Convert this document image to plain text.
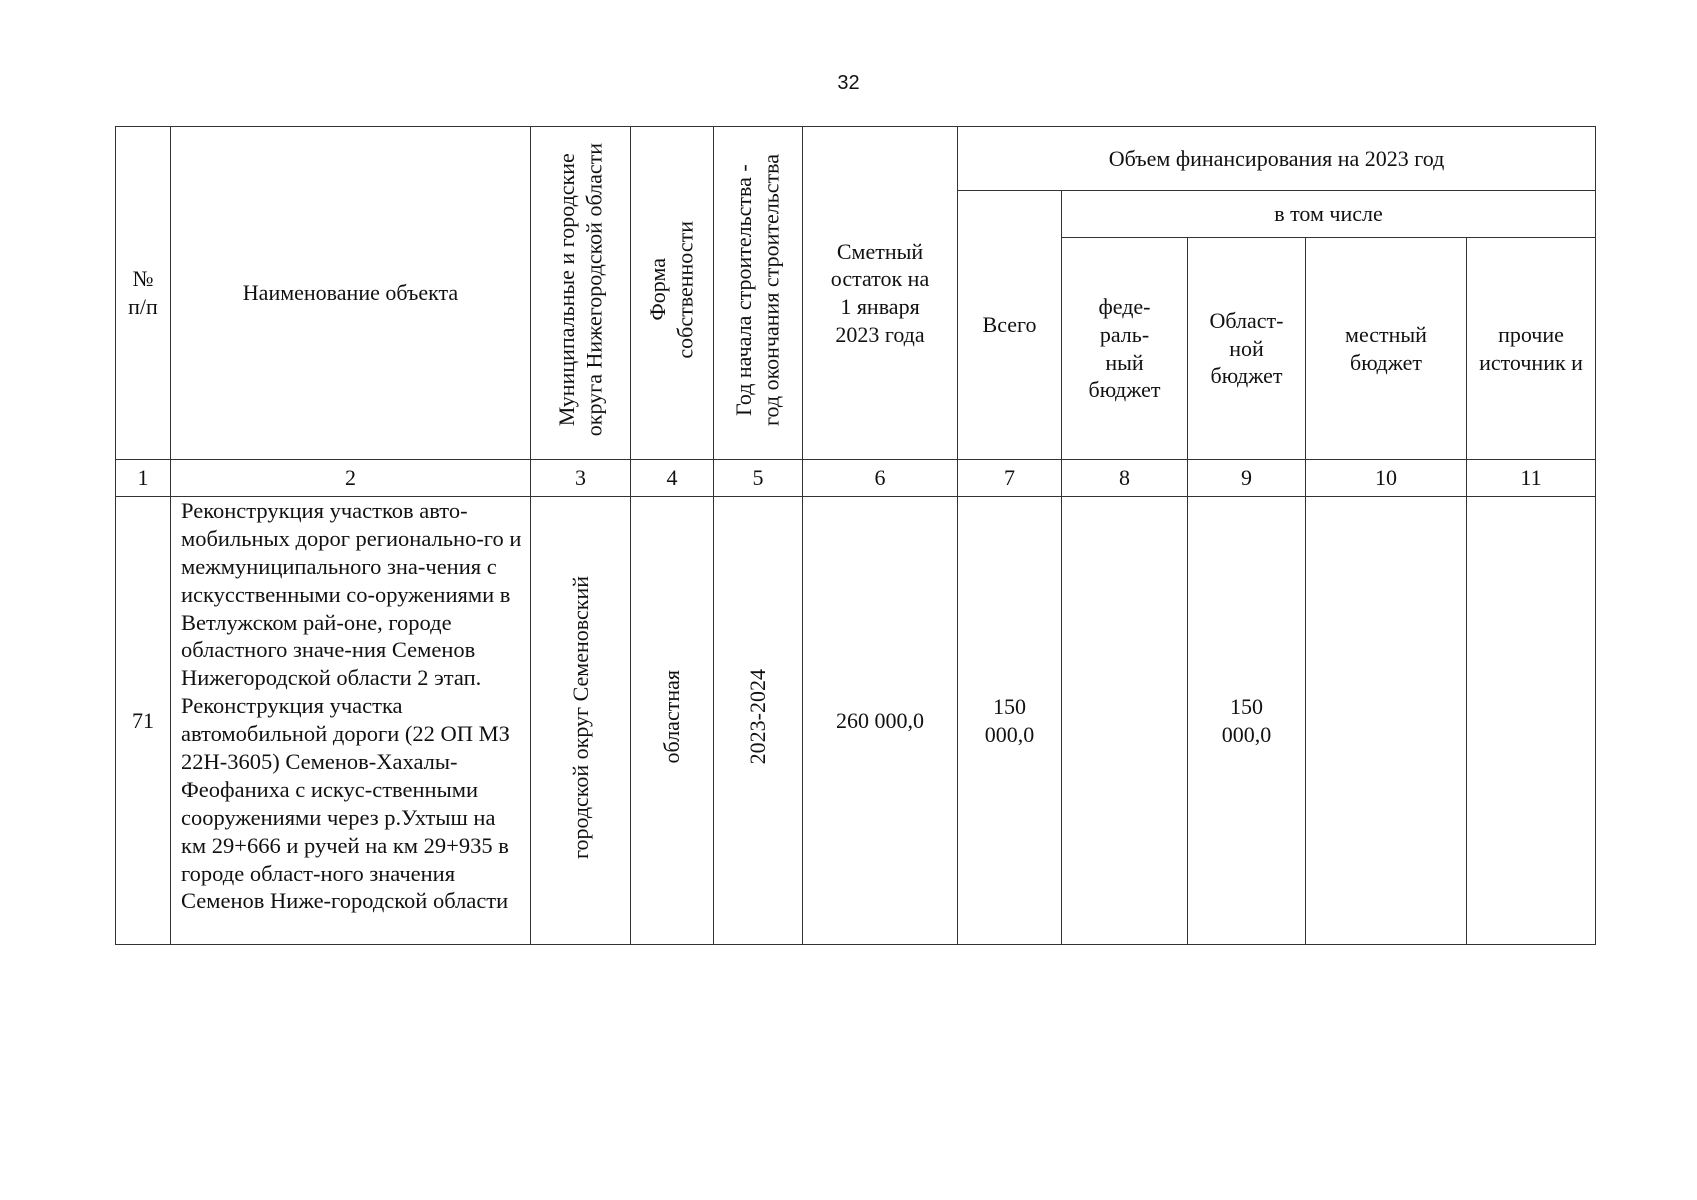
32
№ п/п	Наименование объекта	Муниципальные и городские округа Нижегородской области	Форма собственности	Год начала строительства - год окончания строительства	Сметный остаток на 1 января 2023 года	Объем финансирования на 2023 год				
						Всего	в том числе			
							феде-раль-ный бюджет	Област-ной бюджет	местный бюджет	прочие источник и
1	2	3	4	5	6	7	8	9	10	11
71	Реконструкция участков авто-мобильных дорог регионально-го и межмуниципального зна-чения с искусственными со-оружениями в Ветлужском рай-оне, городе областного значе-ния Семенов Нижегородской области 2 этап. Реконструкция участка автомобильной дороги (22 ОП МЗ 22Н-3605) Семенов-Хахалы-Феофаниха с искус-ственными сооружениями через р.Ухтыш на км 29+666 и ручей на км 29+935 в городе област-ного значения Семенов Ниже-городской области	городской округ Семеновский	областная	2023-2024	260 000,0	150 000,0		150 000,0		
